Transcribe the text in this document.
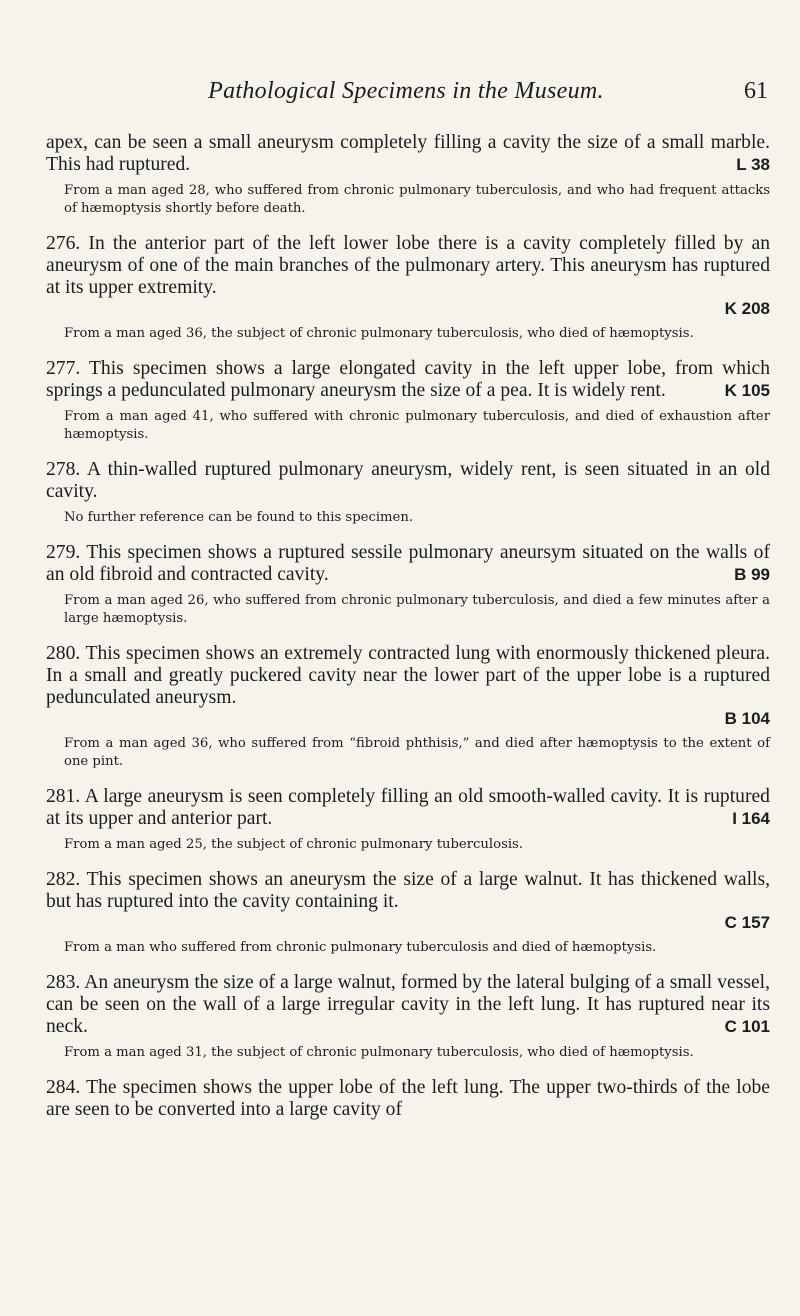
Pathological Specimens in the Museum.	61

apex, can be seen a small aneurysm completely filling a cavity the size of a small marble. This had ruptured.	L 38

From a man aged 28, who suffered from chronic pulmonary tuberculosis, and who had frequent attacks of hæmoptysis shortly before death.

276. In the anterior part of the left lower lobe there is a cavity completely filled by an aneurysm of one of the main branches of the pulmonary artery. This aneurysm has ruptured at its upper extremity.
K 208

From a man aged 36, the subject of chronic pulmonary tuberculosis, who died of hæmoptysis.

277. This specimen shows a large elongated cavity in the left upper lobe, from which springs a pedunculated pulmonary aneurysm the size of a pea. It is widely rent.	K 105

From a man aged 41, who suffered with chronic pulmonary tuberculosis, and died of exhaustion after hæmoptysis.

278. A thin-walled ruptured pulmonary aneurysm, widely rent, is seen situated in an old cavity.

No further reference can be found to this specimen.

279. This specimen shows a ruptured sessile pulmonary aneursym situated on the walls of an old fibroid and contracted cavity.	B 99

From a man aged 26, who suffered from chronic pulmonary tuberculosis, and died a few minutes after a large hæmoptysis.

280. This specimen shows an extremely contracted lung with enormously thickened pleura. In a small and greatly puckered cavity near the lower part of the upper lobe is a ruptured pedunculated aneurysm.
B 104

From a man aged 36, who suffered from “fibroid phthisis,” and died after hæmoptysis to the extent of one pint.

281. A large aneurysm is seen completely filling an old smooth-walled cavity. It is ruptured at its upper and anterior part.	I 164

From a man aged 25, the subject of chronic pulmonary tuberculosis.

282. This specimen shows an aneurysm the size of a large walnut. It has thickened walls, but has ruptured into the cavity containing it.
C 157

From a man who suffered from chronic pulmonary tuberculosis and died of hæmoptysis.

283. An aneurysm the size of a large walnut, formed by the lateral bulging of a small vessel, can be seen on the wall of a large irregular cavity in the left lung. It has ruptured near its neck.	C 101

From a man aged 31, the subject of chronic pulmonary tuberculosis, who died of hæmoptysis.

284. The specimen shows the upper lobe of the left lung. The upper two-thirds of the lobe are seen to be converted into a large cavity of
